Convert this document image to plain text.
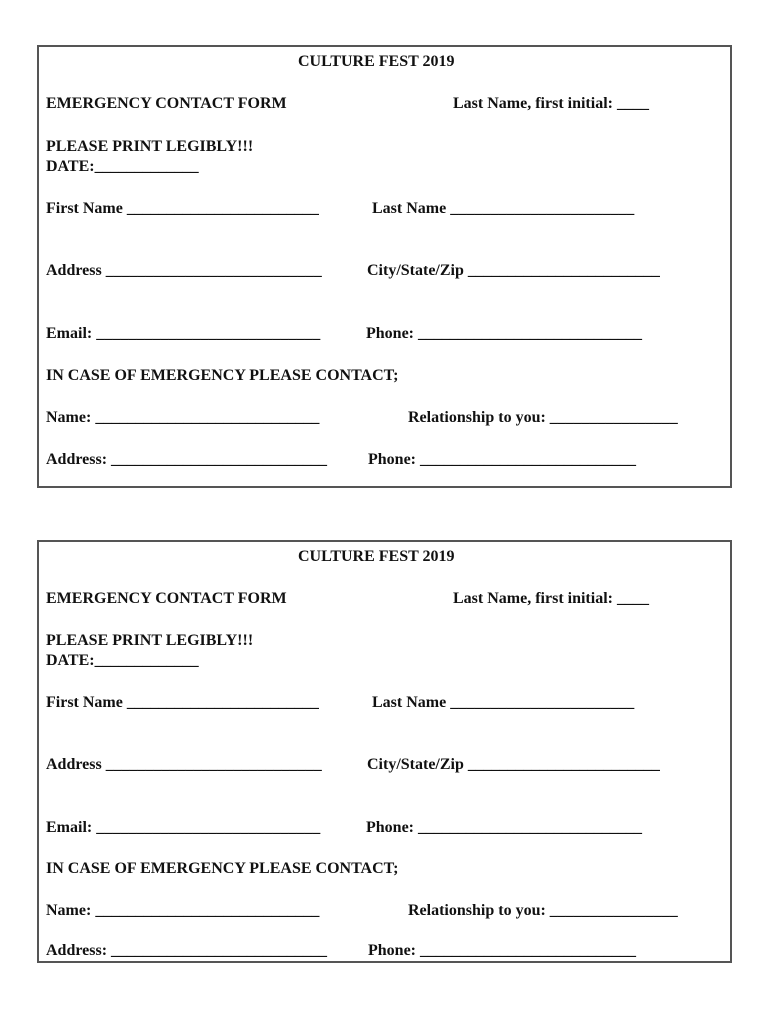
CULTURE FEST 2019
EMERGENCY CONTACT FORM	Last Name, first initial: ____
PLEASE PRINT LEGIBLY!!!
DATE:_____________
First Name ________________________	Last Name _______________________
Address ___________________________	City/State/Zip ________________________
Email: ____________________________	Phone: ____________________________
IN CASE OF EMERGENCY PLEASE CONTACT;
Name: ____________________________	Relationship to you: ________________
Address: ___________________________	Phone: ___________________________
CULTURE FEST 2019
EMERGENCY CONTACT FORM	Last Name, first initial: ____
PLEASE PRINT LEGIBLY!!!
DATE:_____________
First Name ________________________	Last Name _______________________
Address ___________________________	City/State/Zip ________________________
Email: ____________________________	Phone: ____________________________
IN CASE OF EMERGENCY PLEASE CONTACT;
Name: ____________________________	Relationship to you: ________________
Address: ___________________________	Phone: ___________________________
